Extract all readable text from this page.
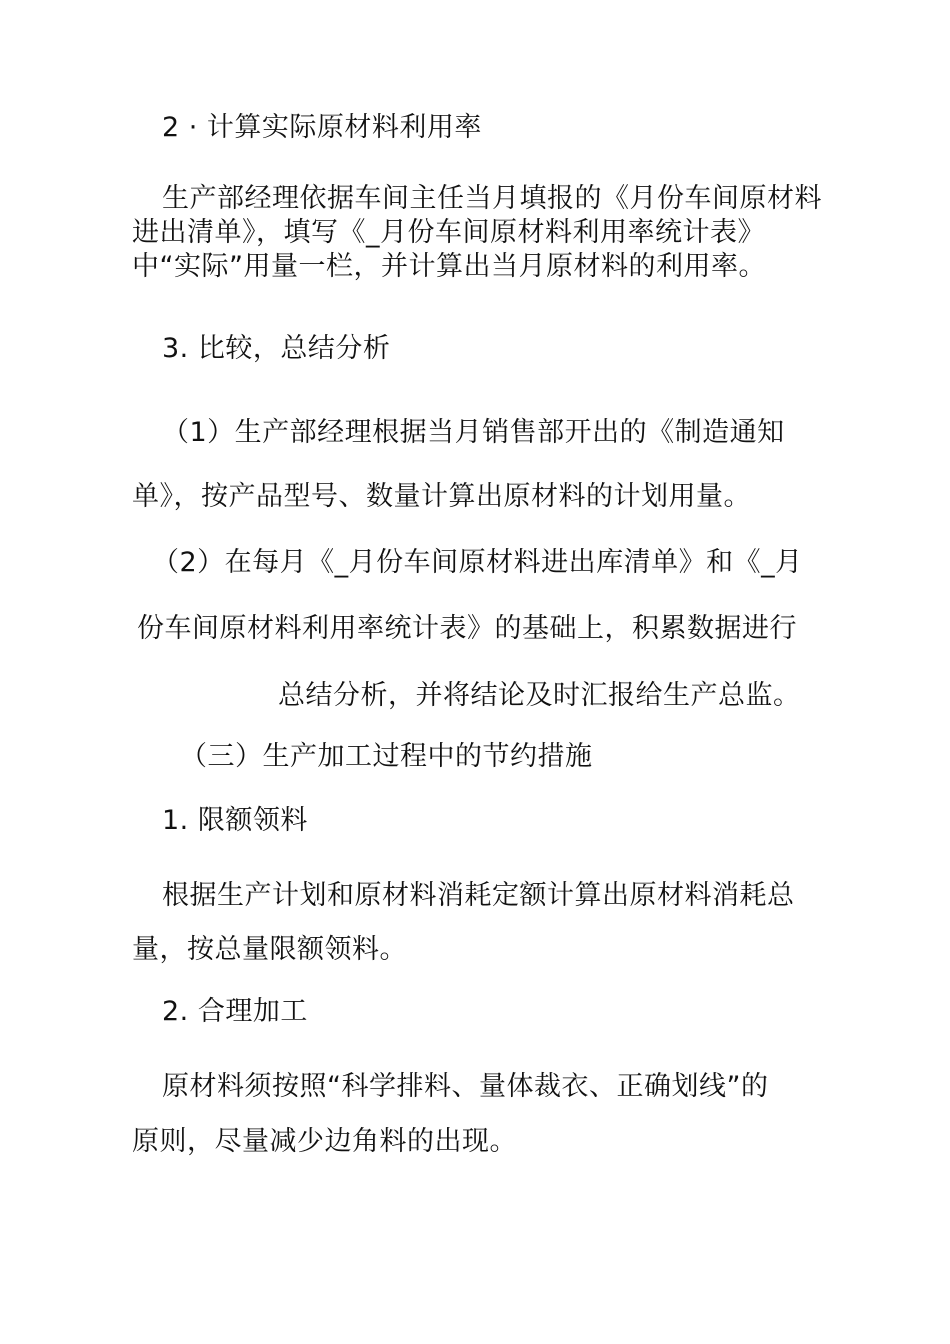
2 · 计算实际原材料利用率

生产部经理依据车间主任当月填报的《月份车间原材料进出清单》，填写《_月份车间原材料利用率统计表》中“实际”用量一栏，并计算出当月原材料的利用率。

3. 比较，总结分析

（1）生产部经理根据当月销售部开出的《制造通知

单》，按产品型号、数量计算出原材料的计划用量。

（2）在每月《_月份车间原材料进出库清单》和《_月

份车间原材料利用率统计表》的基础上，积累数据进行

总结分析，并将结论及时汇报给生产总监。

（三）生产加工过程中的节约措施

1. 限额领料

根据生产计划和原材料消耗定额计算出原材料消耗总

量，按总量限额领料。

2. 合理加工

原材料须按照“科学排料、量体裁衣、正确划线”的

原则，尽量减少边角料的出现。
